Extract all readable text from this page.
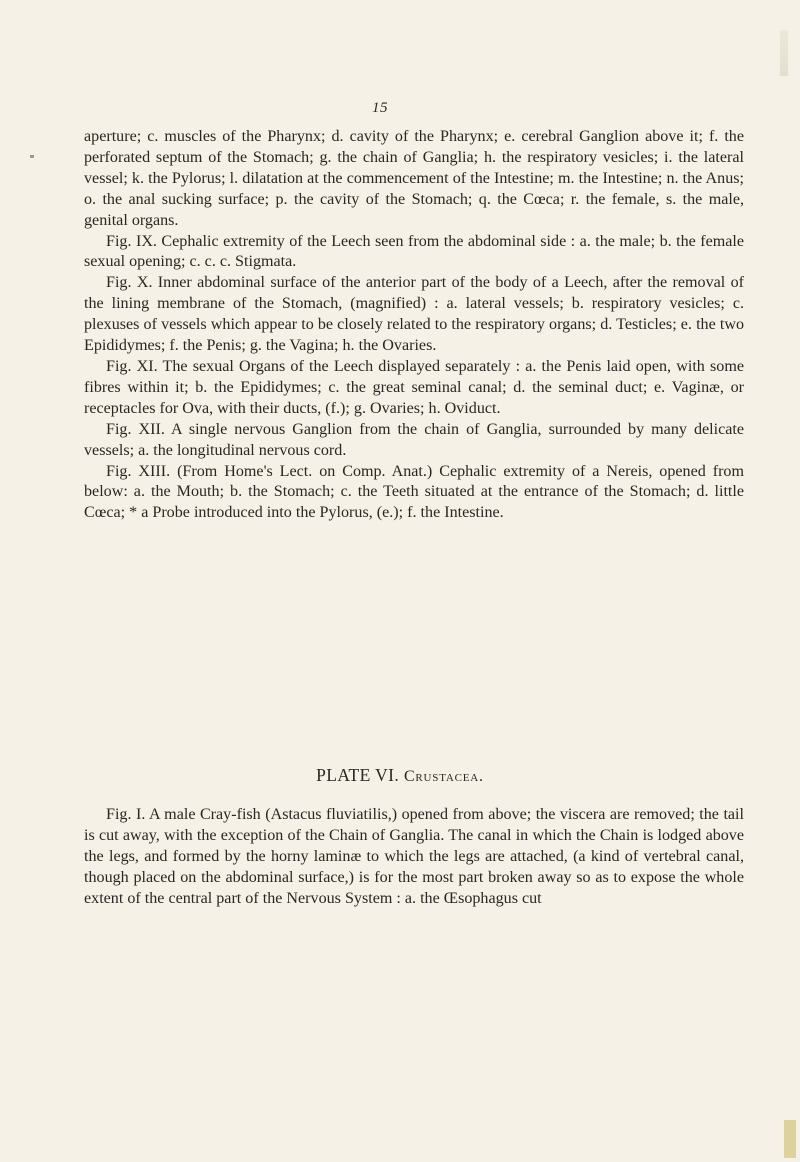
15

aperture; c. muscles of the Pharynx; d. cavity of the Pharynx; e. cerebral Ganglion above it; f. the perforated septum of the Stomach; g. the chain of Ganglia; h. the respiratory vesicles; i. the lateral vessel; k. the Pylorus; l. dilatation at the commencement of the Intestine; m. the Intestine; n. the Anus; o. the anal sucking surface; p. the cavity of the Stomach; q. the Cœca; r. the female, s. the male, genital organs.

Fig. IX. Cephalic extremity of the Leech seen from the abdominal side : a. the male; b. the female sexual opening; c. c. c. Stigmata.

Fig. X. Inner abdominal surface of the anterior part of the body of a Leech, after the removal of the lining membrane of the Stomach, (magnified) : a. lateral vessels; b. respiratory vesicles; c. plexuses of vessels which appear to be closely related to the respiratory organs; d. Testicles; e. the two Epididymes; f. the Penis; g. the Vagina; h. the Ovaries.

Fig. XI. The sexual Organs of the Leech displayed separately : a. the Penis laid open, with some fibres within it; b. the Epididymes; c. the great seminal canal; d. the seminal duct; e. Vaginæ, or receptacles for Ova, with their ducts, (f.); g. Ovaries; h. Oviduct.

Fig. XII. A single nervous Ganglion from the chain of Ganglia, surrounded by many delicate vessels; a. the longitudinal nervous cord.

Fig. XIII. (From Home's Lect. on Comp. Anat.) Cephalic extremity of a Nereis, opened from below: a. the Mouth; b. the Stomach; c. the Teeth situated at the entrance of the Stomach; d. little Cœca; * a Probe introduced into the Pylorus, (e.); f. the Intestine.

PLATE VI. Crustacea.

Fig. I. A male Cray-fish (Astacus fluviatilis,) opened from above; the viscera are removed; the tail is cut away, with the exception of the Chain of Ganglia. The canal in which the Chain is lodged above the legs, and formed by the horny laminæ to which the legs are attached, (a kind of vertebral canal, though placed on the abdominal surface,) is for the most part broken away so as to expose the whole extent of the central part of the Nervous System : a. the Œsophagus cut
